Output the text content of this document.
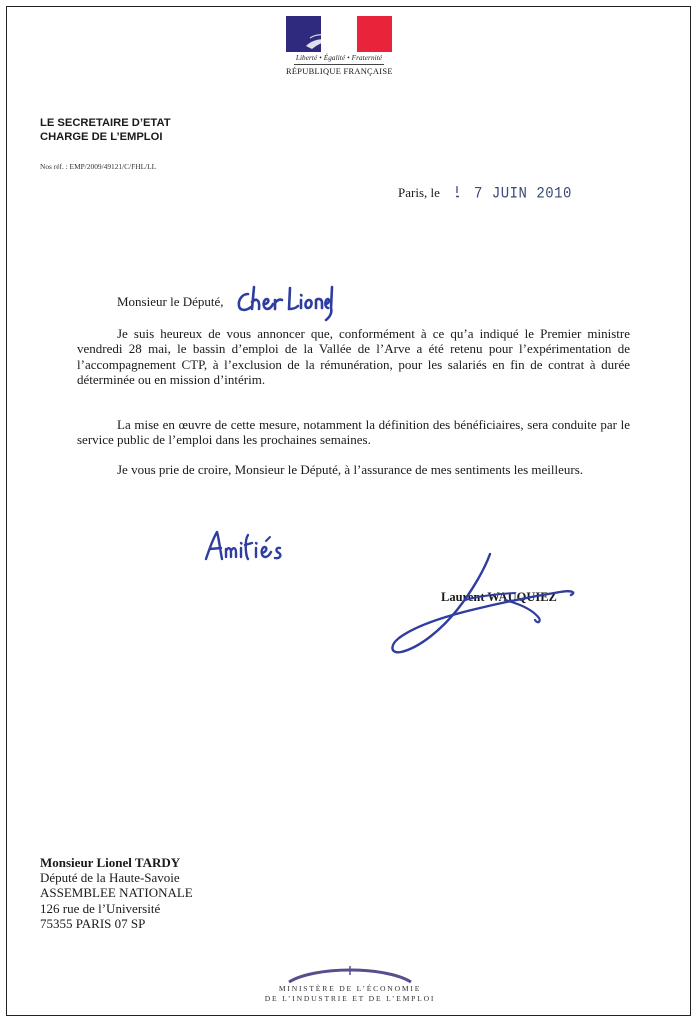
Liberté • Égalité • Fraternité
RÉPUBLIQUE FRANÇAISE
LE SECRETAIRE D’ETAT
CHARGE DE L’EMPLOI
Nos réf. : EMP/2009/49121/C/FHL/LL
Paris, le 7 JUIN 2010
Monsieur le Député,
Je suis heureux de vous annoncer que, conformément à ce qu’a indiqué le Premier ministre vendredi 28 mai, le bassin d’emploi de la Vallée de l’Arve a été retenu pour l’expérimentation de l’accompagnement CTP, à l’exclusion de la rémunération, pour les salariés en fin de contrat à durée déterminée ou en mission d’intérim.
La mise en œuvre de cette mesure, notamment la définition des bénéficiaires, sera conduite par le service public de l’emploi dans les prochaines semaines.
Je vous prie de croire, Monsieur le Député, à l’assurance de mes sentiments les meilleurs.
Laurent WAUQUIEZ
Monsieur Lionel TARDY
Député de la Haute-Savoie
ASSEMBLEE NATIONALE
126 rue de l’Université
75355 PARIS 07 SP
MINISTÈRE DE L’ÉCONOMIE
DE L’INDUSTRIE ET DE L’EMPLOI
